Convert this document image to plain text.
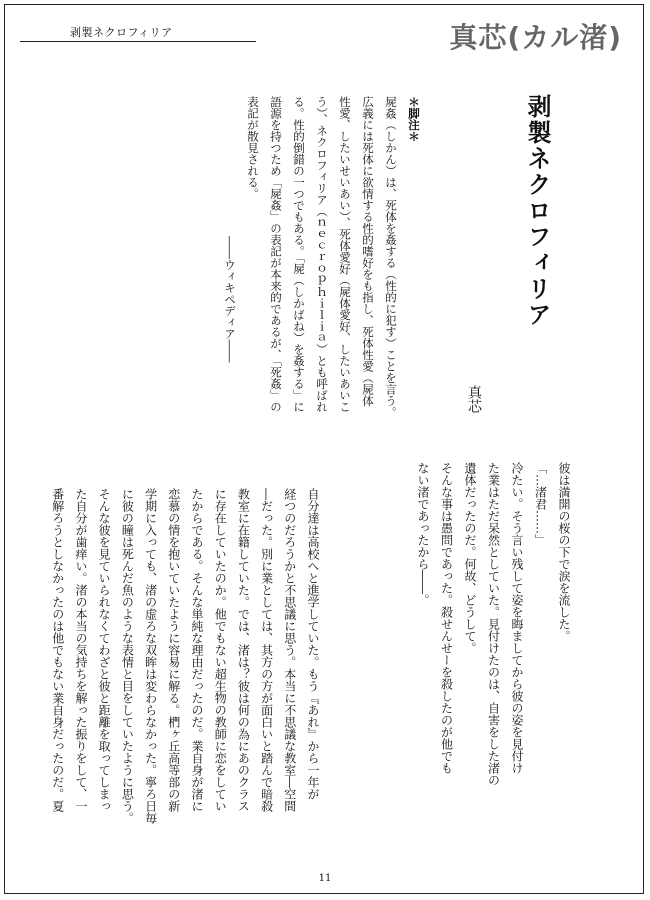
剥製ネクロフィリア	真芯(カル渚)
剥製ネクロフィリア
真芯
＊脚注＊
屍姦（しかん）は、死体を姦する（性的に犯す）ことを言う。
広義には死体に欲情する性的嗜好をも指し、死体性愛（屍体
性愛、したいせいあい）、死体愛好（屍体愛好、したいあいこ
う）、ネクロフィリア（ｎｅｃｒｏｐｈｉｌｉａ）とも呼ばれ
る。性的倒錯の一つでもある。「屍（しかばね）を姦する」に
語源を持つため「屍姦」の表記が本来的であるが、「死姦」の
表記が散見される。
――ウィキペディア――
彼は満開の桜の下で涙を流した。
「…渚君……」
冷たい。そう言い残して姿を晦ましてから彼の姿を見付け
た業はただ呆然としていた。見付けたのは、自害をした渚の
遺体だったのだ。何故、どうして。
そんな事は愚問であった。殺せんせーを殺したのが他でも
ない渚であったから――。
自分達は高校へと進学していた。もう『あれ』から一年が
経つのだろうかと不思議に思う。本当に不思議な教室―空間
―だった。別に業としては、其方の方が面白いと踏んで暗殺
教室に在籍していた。では、渚は？彼は何の為にあのクラス
に存在していたのか。他でもない超生物の教師に恋をしてい
たからである。そんな単純な理由だったのだ。業自身が渚に
恋慕の情を抱いていたように容易に解る。椚ヶ丘高等部の新
学期に入っても、渚の虚ろな双眸は変わらなかった。寧ろ日毎
に彼の瞳は死んだ魚のような表情と目をしていたように思う。
そんな彼を見ていられなくてわざと彼と距離を取ってしまっ
た自分が歯痒い。渚の本当の気持ちを解った振りをして、一
番解ろうとしなかったのは他でもない業自身だったのだ。夏
11
